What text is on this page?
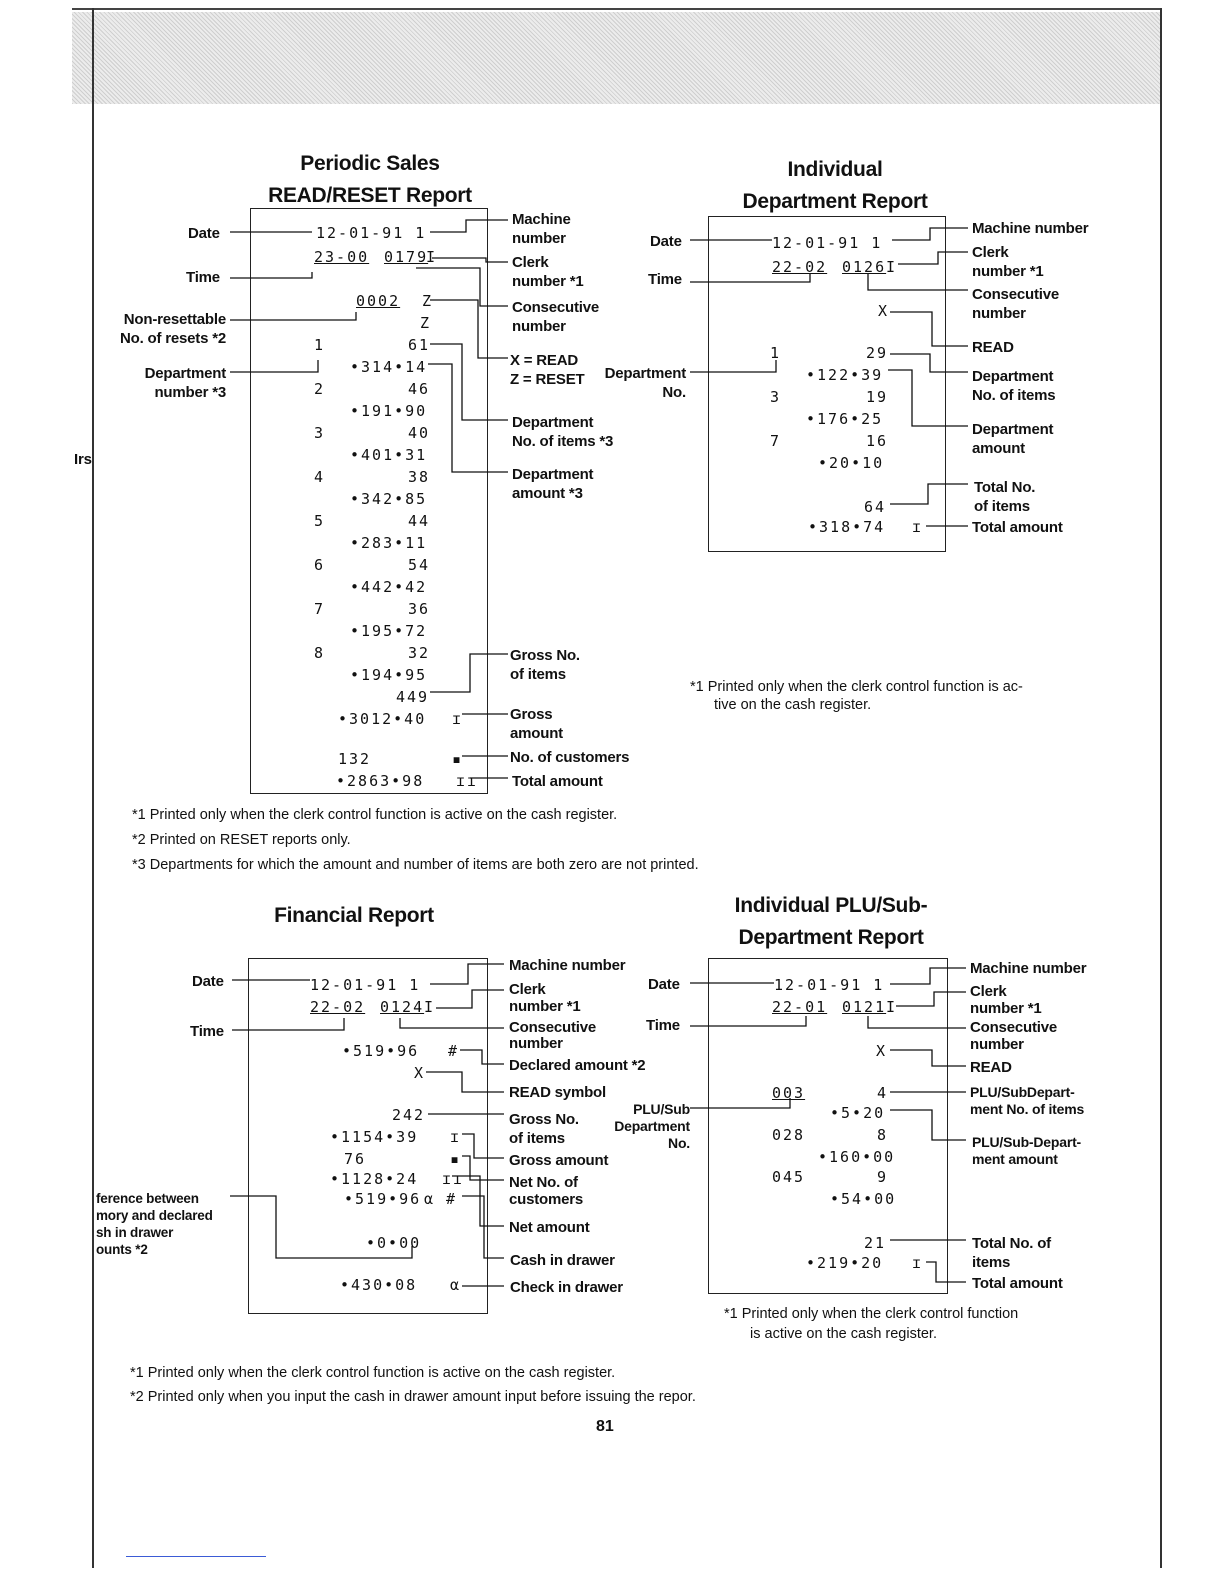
Irs
Periodic Sales
READ/RESET Report
Date
Time
Non-resettable
No. of resets *2
Department
number *3
12-01-91 1
23-00 0179
I
0002 Z
Z
1	61
•314•14
2	46
•191•90
3	40
•401•31
4	38
•342•85
5	44
•283•11
6	54
•442•42
7	36
•195•72
8	32
•194•95
449
•3012•40 ɪ
132	▪
•2863•98 ɪɪ
Machine
number
Clerk
number *1
Consecutive
number
X = READ
Z = RESET
Department
No. of items *3
Department
amount *3
Gross No.
of items
Gross
amount
No. of customers
Total amount
*1 Printed only when the clerk control function is active on the cash register.
*2 Printed on RESET reports only.
*3 Departments for which the amount and number of items are both zero are not printed.
Individual
Department Report
Date
Time
Department
No.
12-01-91 1
22-02 0126 I
X
1	29
•122•39
3	19
•176•25
7	16
•20•10
64
•318•74 ɪ
Machine number
Clerk
number *1
Consecutive
number
READ
Department
No. of items
Department
amount
Total No.
of items
Total amount
*1 Printed only when the clerk control function is ac-
tive on the cash register.
Financial Report
Date
Time
ference between
mory and declared
sh in drawer
ounts *2
12-01-91 1
22-02 0124 I
•519•96 #
X
242
•1154•39 ɪ
76	▪
•1128•24 ɪɪ
•519•96 α #
•0•00
•430•08 α
Machine number
Clerk
number *1
Consecutive
number
Declared amount *2
READ symbol
Gross No.
of items
Gross amount
Net No. of
customers
Net amount
Cash in drawer
Check in drawer
*1 Printed only when the clerk control function is active on the cash register.
*2 Printed only when you input the cash in drawer amount input before issuing the repor.
Individual PLU/Sub-
Department Report
Date
Time
PLU/Sub
Department
No.
12-01-91 1
22-01 0121 I
X
003	4
•5•20
028	8
•160•00
045	9
•54•00
21
•219•20 ɪ
Machine number
Clerk
number *1
Consecutive
number
READ
PLU/SubDepart-
ment No. of items
PLU/Sub-Depart-
ment amount
Total No. of
items
Total amount
*1 Printed only when the clerk control function
is active on the cash register.
81
